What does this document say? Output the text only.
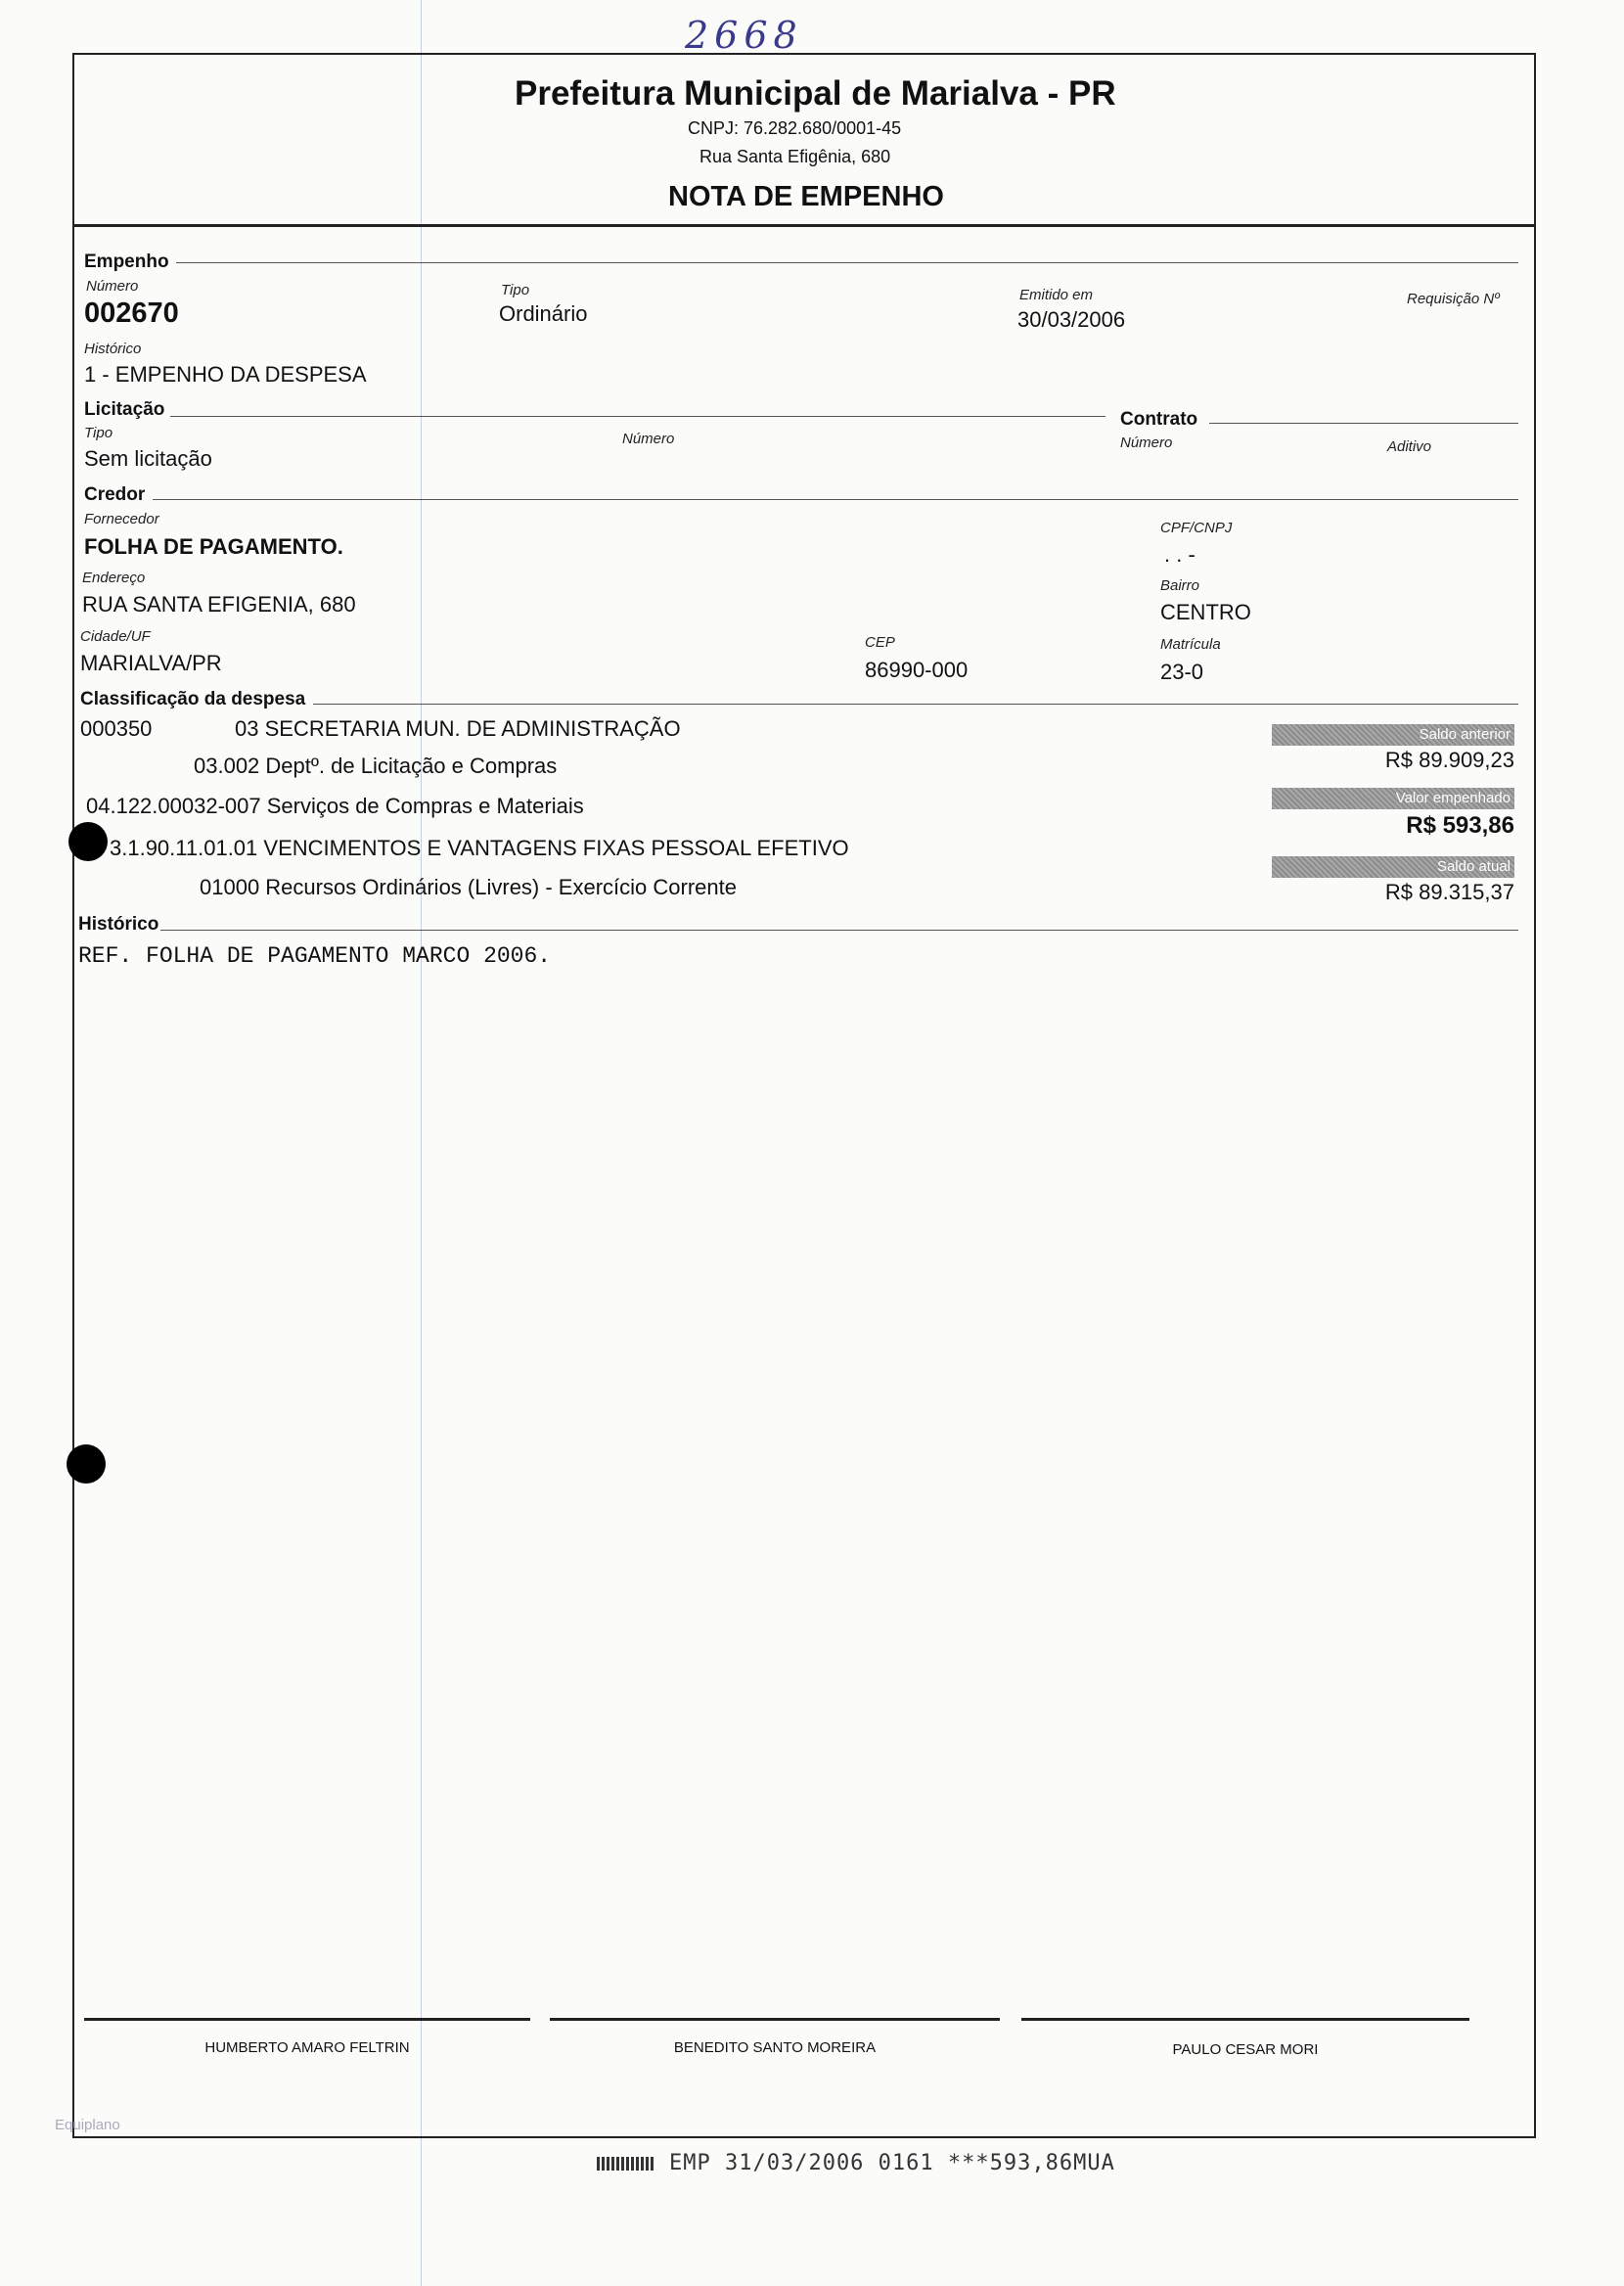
2668
Prefeitura Municipal de Marialva - PR
CNPJ: 76.282.680/0001-45
Rua Santa Efigênia, 680
NOTA DE EMPENHO
Empenho
Número
002670
Tipo
Ordinário
Emitido em
30/03/2006
Requisição Nº
Histórico
1 - EMPENHO DA DESPESA
Licitação
Tipo
Sem licitação
Número
Contrato
Número	Aditivo
Credor
Fornecedor
FOLHA DE PAGAMENTO.
CPF/CNPJ
. . -
Endereço
RUA SANTA EFIGENIA, 680
Bairro
CENTRO
Cidade/UF
MARIALVA/PR
CEP
86990-000
Matrícula
23-0
Classificação da despesa
000350	03 SECRETARIA MUN. DE ADMINISTRAÇÃO
03.002 Deptº. de Licitação e Compras
04.122.00032-007 Serviços de Compras e Materiais
3.1.90.11.01.01 VENCIMENTOS E VANTAGENS FIXAS PESSOAL EFETIVO
01000 Recursos Ordinários (Livres) - Exercício Corrente
Saldo anterior
R$ 89.909,23
Valor empenhado
R$ 593,86
Saldo atual
R$ 89.315,37
Histórico
REF. FOLHA DE PAGAMENTO MARCO 2006.
HUMBERTO AMARO FELTRIN	BENEDITO SANTO MOREIRA	PAULO CESAR MORI
Equiplano
EMP 31/03/2006 0161 ***593,86MUA
